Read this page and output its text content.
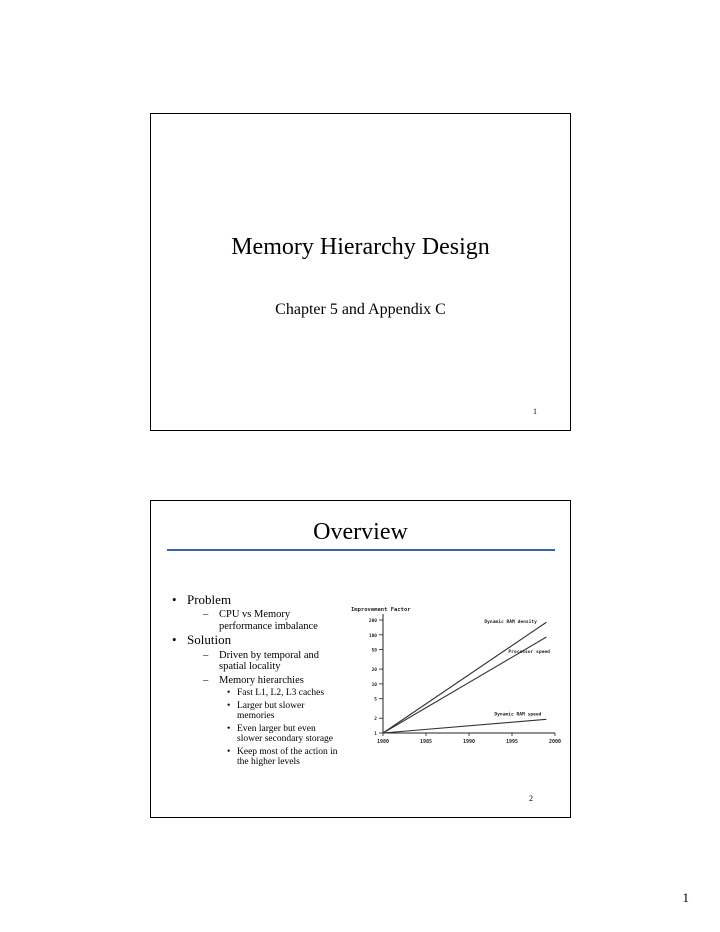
Memory Hierarchy Design
Chapter 5 and Appendix C
1
Overview
• Problem
– CPU vs Memory
performance imbalance
• Solution
– Driven by temporal and
spatial locality
– Memory hierarchies
• Fast L1, L2, L3 caches
• Larger but slower
memories
• Even larger but even
slower secondary storage
• Keep most of the action in
the higher levels
Improvement Factor
1
2
5
10
20
50
100
200
1980	1985	1990	1995	2000
Dynamic RAM density
Processor speed
Dynamic RAM speed
2
1
